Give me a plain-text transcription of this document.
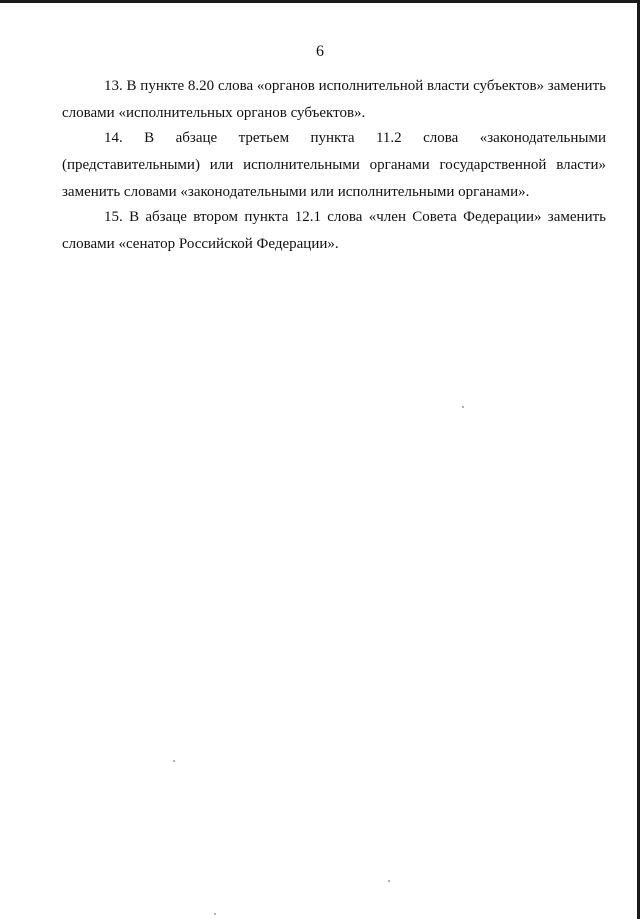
6

13. В пункте 8.20 слова «органов исполнительной власти субъектов» заменить словами «исполнительных органов субъектов».

14. В абзаце третьем пункта 11.2 слова «законодательными (представительными) или исполнительными органами государственной власти» заменить словами «законодательными или исполнительными органами».

15. В абзаце втором пункта 12.1 слова «член Совета Федерации» заменить словами «сенатор Российской Федерации».
